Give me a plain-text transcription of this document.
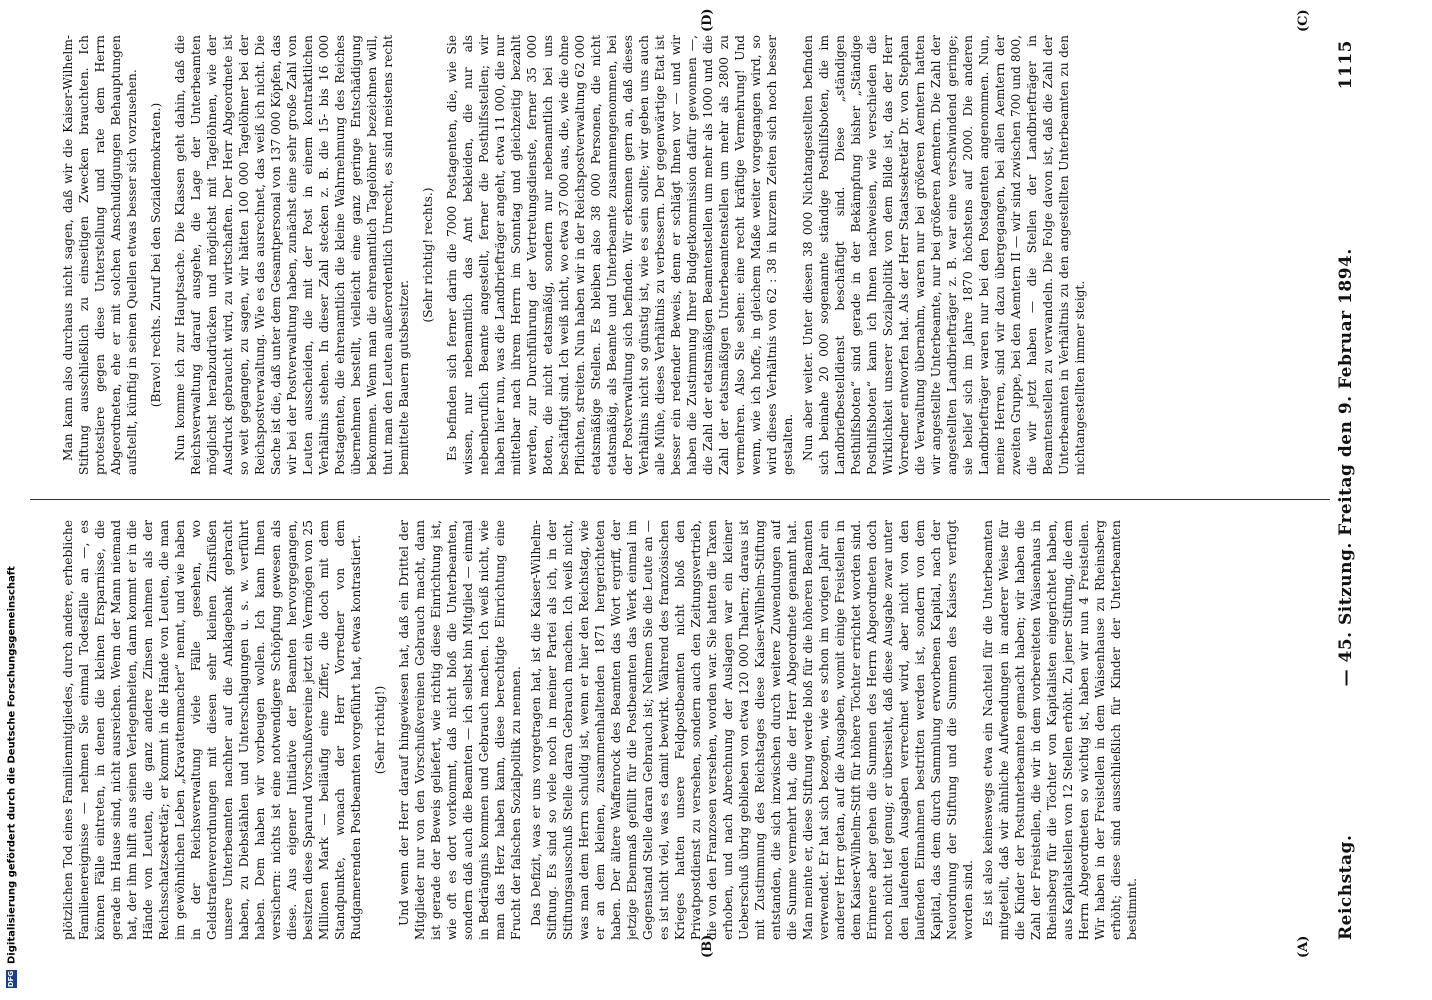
DFGDigitalisierung gefördert durch die Deutsche Forschungsgemeinschaft	(A)
(B)
(C)
(D)
Reichstag.
— 45. Sitzung. Freitag den 9. Februar 1894.
1115

plötzlichen Tod eines Familienmitgliedes, durch andere, erhebliche Familienereignisse — nehmen Sie einmal Todesfälle an —, es können Fälle eintreten, in denen die kleinen Ersparnisse, die gerade im Hause sind, nicht ausreichen. Wenn der Mann niemand hat, der ihm hilft aus seinen Verlegenheiten, dann kommt er in die Hände von Leuten, die ganz andere Zinsen nehmen als der Reichsschatzsekretär; er kommt in die Hände von Leuten, die man im gewöhnlichen Leben „Kravattenmacher“ nennt, und wie haben in der Reichsverwaltung viele Fälle gesehen, wo Geldstrafenverordnungen mit diesen sehr kleinen Zinsfüßen unsere Unterbeamten nachher auf die Anklagebank gebracht haben, zu Diebstählen und Unterschlagungen u. s. w. verführt haben. Dem haben wir vorbeugen wollen. Ich kann Ihnen versichern: nichts ist eine notwendigere Schöpfung gewesen als diese. Aus eigener Initiative der Beamten hervorgegangen, besitzen diese Sparund Vorschußvereine jetzt ein Vermögen von 25 Millionen Mark — beiläufig eine Ziffer, die doch mit dem Standpunkte, wonach der Herr Vorredner von dem Rudgamerenden Postbeamten vorgeführt hat, etwas kontrastiert. (Sehr richtig!) Und wenn der Herr darauf hingewiesen hat, daß ein Drittel der Mitglieder nur von den Vorschußvereinen Gebrauch macht, dann ist gerade der Beweis geliefert, wie richtig diese Einrichtung ist, wie oft es dort vorkommt, daß nicht bloß die Unterbeamten, sondern daß auch die Beamten — ich selbst bin Mitglied — einmal in Bedrängnis kommen und Gebrauch machen. Ich weiß nicht, wie man das Herz haben kann, diese berechtigte Einrichtung eine Frucht der falschen Sozialpolitik zu nennen. Das Defizit, was er uns vorgetragen hat, ist die Kaiser-Wilhelm-Stiftung. Es sind so viele noch in meiner Partei als ich, in der Stiftungsausschuß Stelle daran Gebrauch machen. Ich weiß nicht, was man dem Herrn schuldig ist, wenn er hier den Reichstag, wie er an dem kleinen, zusammenhaltenden 1871 hergerichteten haben. Der ältere Waffenrock des Beamten das Wort ergriff, der jetzige Ebenmaß gefüllt für die Postbeamten das Werk einmal im Gegenstand Stelle daran Gebrauch ist; Nehmen Sie die Leute an — es ist nicht viel, was es damit bewirkt. Während des französischen Krieges hatten unsere Feldpostbeamten nicht bloß den Privatpostdienst zu versehen, sondern auch den Zeitungsvertrieb, die von den Franzosen versehen, worden war. Sie hatten die Taxen erhoben, und nach Abrechnung der Auslagen war ein kleiner Ueberschuß übrig geblieben von etwa 120 000 Thalern; daraus ist mit Zustimmung des Reichstages diese Kaiser-Wilhelm-Stiftung entstanden, die sich inzwischen durch weitere Zuwendungen auf die Summe vermehrt hat, die der Herr Abgeordnete genannt hat. Man meinte er, diese Stiftung werde bloß für die höheren Beamten verwendet. Er hat sich bezogen, wie es schon im vorigen Jahr ein anderer Herr getan, auf die Ausgaben, womit einige Freistellen in dem Kaiser-Wilhelm-Stift für höhere Töchter errichtet worden sind. Erinnere aber gehen die Summen des Herrn Abgeordneten doch noch nicht tief genug; er übersieht, daß diese Ausgabe zwar unter den laufenden Ausgaben verrechnet wird, aber nicht von den laufenden Einnahmen bestritten werden ist, sondern von dem Kapital, das dem durch Sammlung erworbenen Kapital, nach der Neuordnung der Stiftung und die Summen des Kaisers verfügt worden sind. Es ist also keineswegs etwa ein Nachteil für die Unterbeamten mitgeteilt, daß wir ähnliche Aufwendungen in anderer Weise für die Kinder der Postunterbeamten gemacht haben; wir haben die Zahl der Freistellen, die wir in dem vorbereiteten Waisenhaus in Rheinsberg für die Töchter von Kapitalisten eingerichtet haben, aus Kapitalstellen von 12 Stellen erhöht. Zu jener Stiftung, die dem Herrn Abgeordneten so wichtig ist, haben wir nun 4 Freistellen. Wir haben in der Freistellen in dem Waisenhause zu Rheinsberg erhöht; diese sind ausschließlich für Kinder der Unterbeamten bestimmt.

Man kann also durchaus nicht sagen, daß wir die Kaiser-Wilhelm-Stiftung ausschließlich zu einseitigen Zwecken brauchten. Ich protestiere gegen diese Unterstellung und rate dem Herrn Abgeordneten, ehe er mit solchen Anschuldigungen Behauptungen aufstellt, künftig in seinen Quellen etwas besser sich vorzusehen. (Bravo! rechts. Zuruf bei den Sozialdemokraten.) Nun komme ich zur Hauptsache. Die Klassen geht dahin, daß die Reichsverwaltung darauf ausgehe, die Lage der Unterbeamten möglichst herabzudrücken und möglichst mit Tagelöhnen, wie der Ausdruck gebraucht wird, zu wirtschaften. Der Herr Abgeordnete ist so weit gegangen, zu sagen, wir hätten 100 000 Tagelöhner bei der Reichspostverwaltung. Wie es das ausrechnet, das weiß ich nicht. Die Sache ist die, daß unter dem Gesamtpersonal von 137 000 Köpfen, das wir bei der Postverwaltung haben, zunächst eine sehr große Zahl von Leuten ausscheiden, die mit der Post in einem kontraktlichen Verhältnis stehen. In dieser Zahl stecken z. B. die 15- bis 16 000 Postagenten, die ehrenamtlich die kleine Wahrnehmung des Reiches übernehmen bestellt, vielleicht eine ganz geringe Entschädigung bekommen. Wenn man die ehrenamtlich Tagelöhner bezeichnen will, thut man den Leuten außerordentlich Unrecht, es sind meistens recht bemittelte Bauern gutsbesitzer.

(Sehr richtig! rechts.) Es befinden sich ferner darin die 7000 Postagenten, die, wie Sie wissen, nur nebenamtlich das Amt bekleiden, die nur als nebenberuflich Beamte angestellt, ferner die Posthilfsstellen; wir haben hier nun, was die Landbriefträger angeht, etwa 11 000, die nur mittelbar nach ihrem Herrn im Sonntag und gleichzeitig bezahlt werden, zur Durchführung der Vertretungsdienste, ferner 35 000 Boten, die nicht etatsmäßig, sondern nur nebenamtlich bei uns beschäftigt sind. Ich weiß nicht, wo etwa 37 000 aus, die, wie die ohne Pflichten, streiten. Nun haben wir in der Reichspostverwaltung 62 000 etatsmäßige Stellen. Es bleiben also 38 000 Personen, die nicht etatsmäßig, als Beamte und Unterbeamte zusammengenommen, bei der Postverwaltung sich befinden. Wir erkennen gern an, daß dieses Verhältnis nicht so günstig ist, wie es sein sollte; wir geben uns auch alle Mühe, dieses Verhältnis zu verbessern. Der gegenwärtige Etat ist besser ein redender Beweis, denn er schlägt Ihnen vor — und wir haben die Zustimmung Ihrer Budgetkommission dafür gewonnen —, die Zahl der etatsmäßigen Beamtenstellen um mehr als 1000 und die Zahl der etatsmäßigen Unterbeamtenstellen um mehr als 2800 zu vermehren. Also Sie sehen: eine recht kräftige Vermehrung! Und wenn, wie ich hoffe, in gleichem Maße weiter vorgegangen wird, so wird dieses Verhältnis von 62 : 38 in kurzem Zeiten sich noch besser gestalten. Nun aber weiter. Unter diesen 38 000 Nichtangestellten befinden sich beinahe 20 000 sogenannte ständige Posthilfsboten, die im Landbriefbestelldienst beschäftigt sind. Diese „ständigen Posthilfsboten“ sind gerade in der Bekämpfung bisher „Ständige Posthilfsboten“ kann ich Ihnen nachweisen, wie verschieden die Wirklichkeit unserer Sozialpolitik von dem Bilde ist, das der Herr Vorredner entworfen hat. Als der Herr Staatssekretär Dr. von Stephan die Verwaltung übernahm, waren nur bei größeren Aemtern hatten wir angestellte Unterbeamte, nur bei größeren Aemtern. Die Zahl der angestellten Landbriefträger z. B. war eine verschwindend geringe; sie belief sich im Jahre 1870 höchstens auf 2000. Die anderen Landbriefträger waren nur bei den Postagenten angenommen. Nun, meine Herren, sind wir dazu übergegangen, bei allen Aemtern der zweiten Gruppe, bei den Aemtern II — wir sind zwischen 700 und 800, die wir jetzt haben — die Stellen der Landbriefträger in Beamtenstellen zu verwandeln. Die Folge davon ist, daß die Zahl der Unterbeamten in Verhältnis zu den angestellten Unterbeamten zu den nichtangestellten immer steigt.
